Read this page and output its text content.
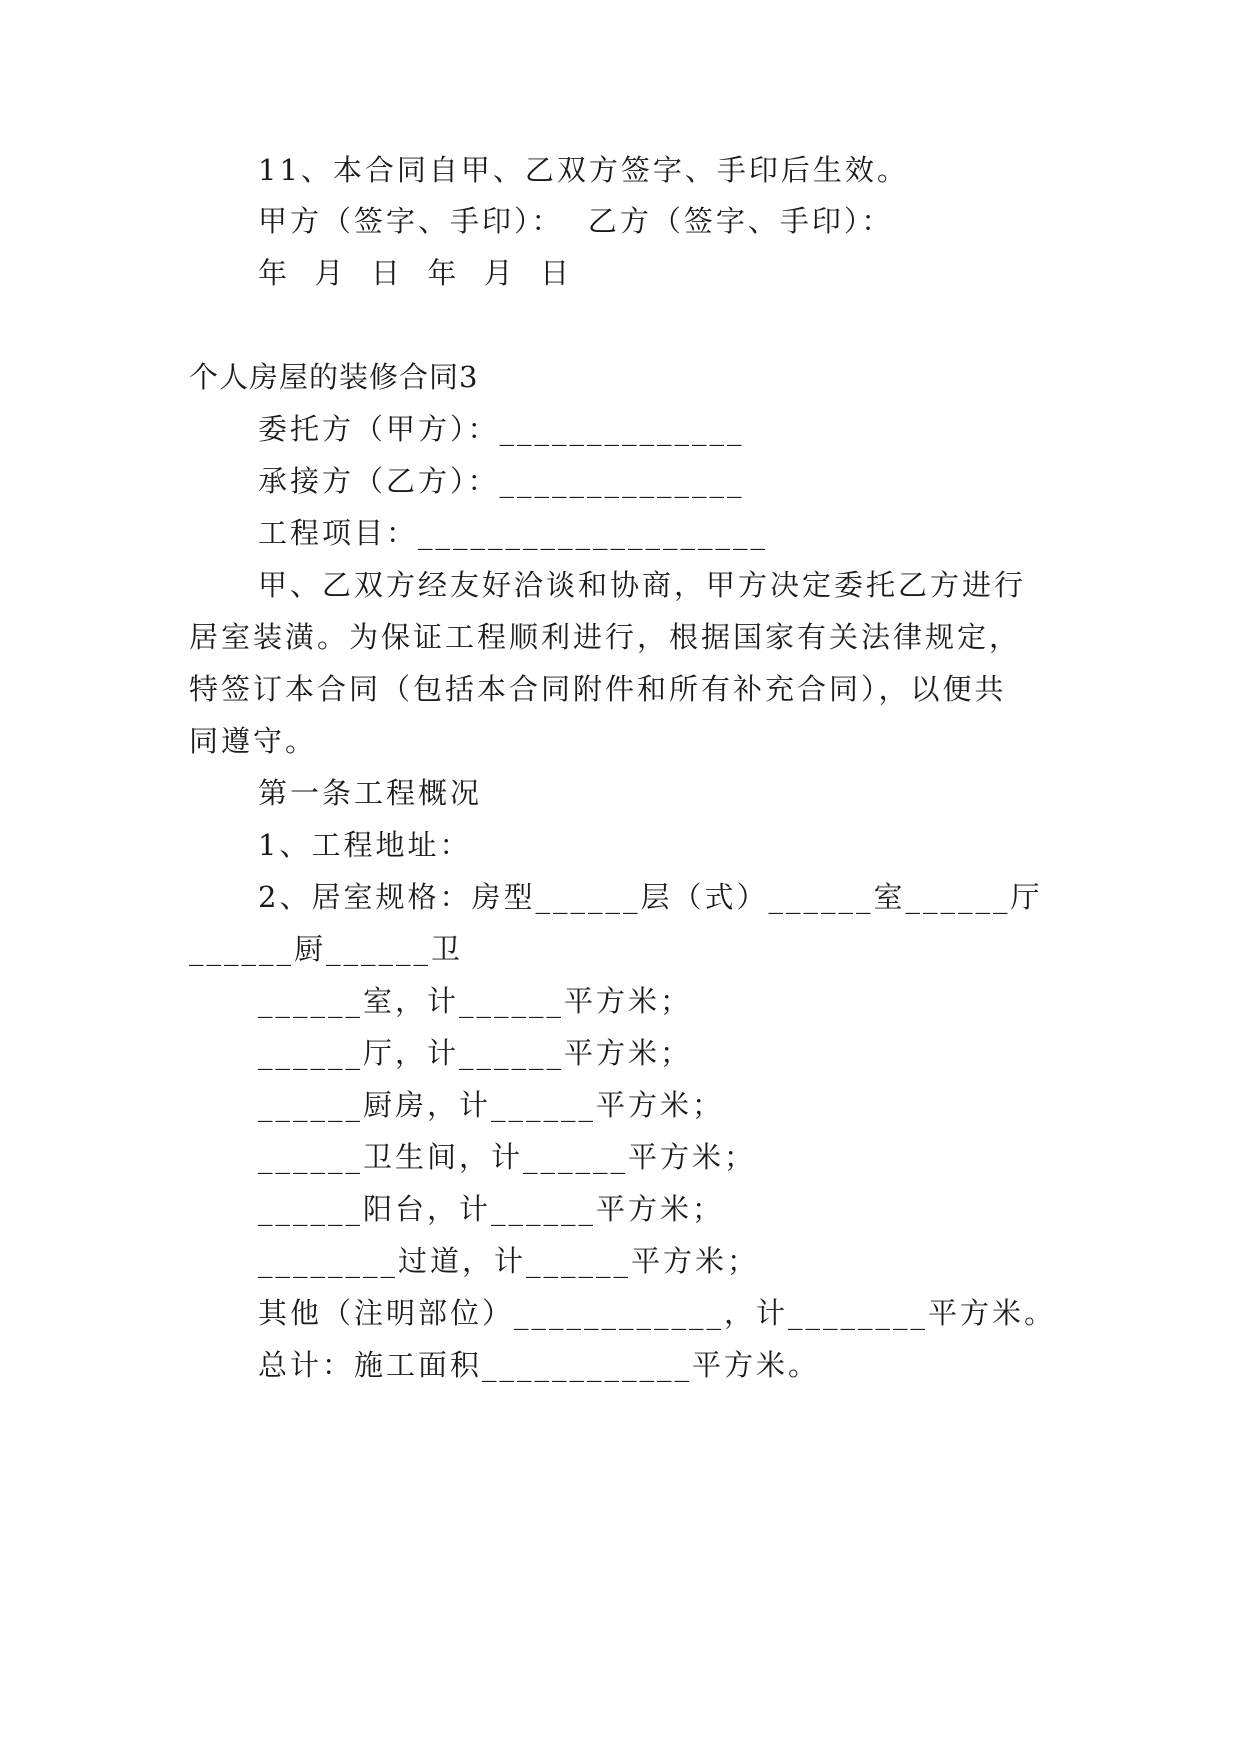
11、本合同自甲、乙双方签字、手印后生效。
甲方（签字、手印）：  乙方（签字、手印）：
年  月  日  年  月  日
个人房屋的装修合同3
委托方（甲方）：______________
承接方（乙方）：______________
工程项目：____________________
甲、乙双方经友好洽谈和协商，甲方决定委托乙方进行
居室装潢。为保证工程顺利进行，根据国家有关法律规定，
特签订本合同（包括本合同附件和所有补充合同），以便共
同遵守。
第一条工程概况
1、工程地址：
2、居室规格：房型______层（式）______室______厅
______厨______卫
______室，计______平方米；
______厅，计______平方米；
______厨房，计______平方米；
______卫生间，计______平方米；
______阳台，计______平方米；
________过道，计______平方米；
其他（注明部位）____________，计________平方米。
总计：施工面积____________平方米。
